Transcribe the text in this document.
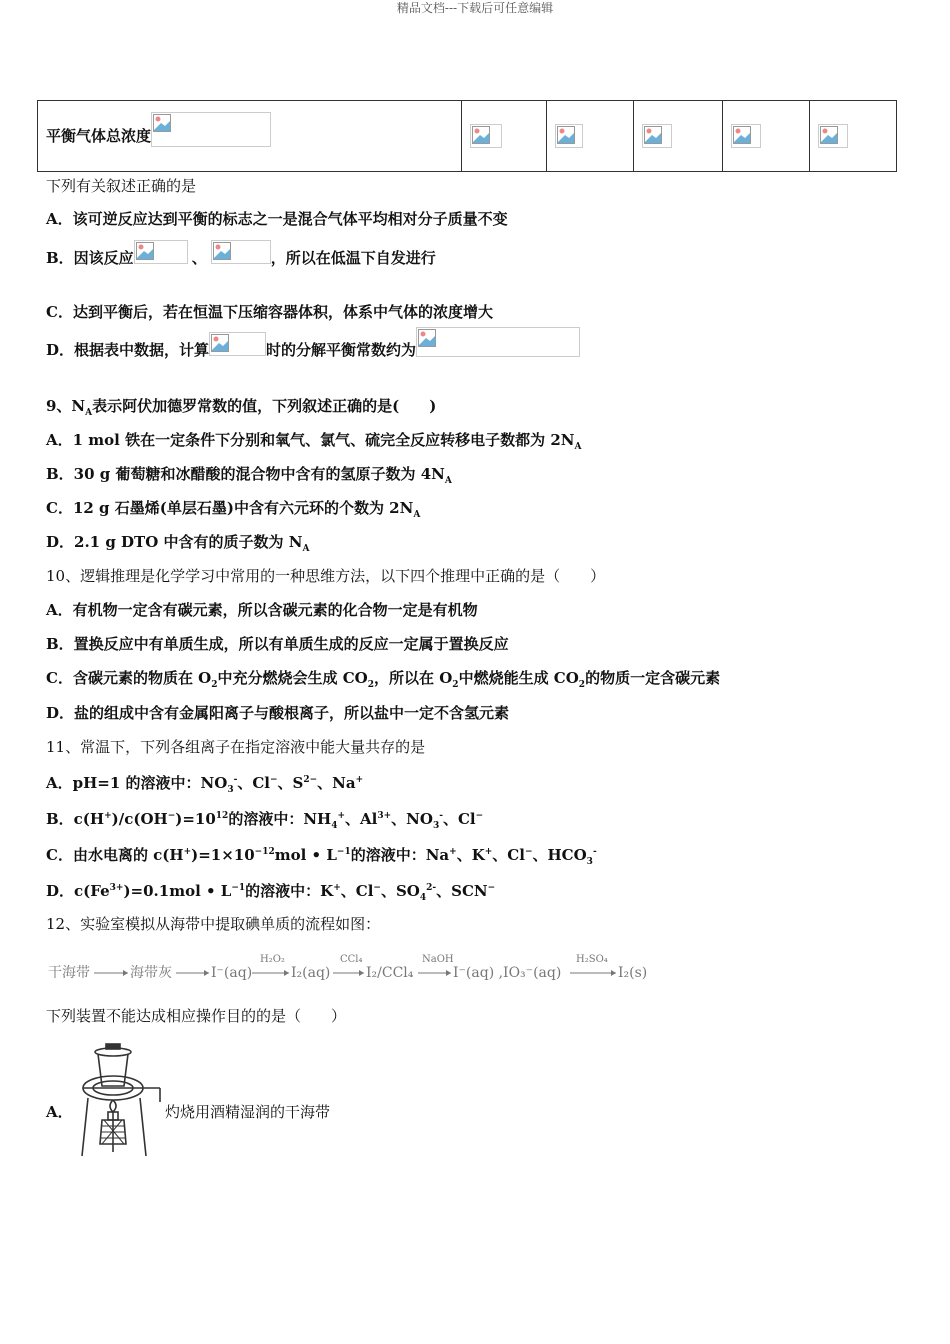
精品文档---下载后可任意编辑
平衡气体总浓度

下列有关叙述正确的是
A．该可逆反应达到平衡的标志之一是混合气体平均相对分子质量不变
B．因该反应	、	，所以在低温下自发进行
C．达到平衡后，若在恒温下压缩容器体积，体系中气体的浓度增大
D．根据表中数据，计算	时的分解平衡常数约为
9、$N_A$表示阿伏加德罗常数的值，下列叙述正确的是(　　)
A．1 mol 铁在一定条件下分别和氧气、氯气、硫完全反应转移电子数都为 $2N_A$
B．30 g 葡萄糖和冰醋酸的混合物中含有的氢原子数为 $4N_A$
C．12 g 石墨烯(单层石墨)中含有六元环的个数为 $2N_A$
D．2.1 g DTO 中含有的质子数为 $N_A$
10、逻辑推理是化学学习中常用的一种思维方法，以下四个推理中正确的是（　　）
A．有机物一定含有碳元素，所以含碳元素的化合物一定是有机物
B．置换反应中有单质生成，所以有单质生成的反应一定属于置换反应
C．含碳元素的物质在 $O_2$中充分燃烧会生成 $CO_2$，所以在 $O_2$中燃烧能生成 $CO_2$的物质一定含碳元素
D．盐的组成中含有金属阳离子与酸根离子，所以盐中一定不含氢元素
11、常温下，下列各组离子在指定溶液中能大量共存的是
A．pH=1 的溶液中：$NO_3^-$、Cl−、$S^{2-}$、Na+
B．$c(H^+)/c(OH^-)=10^{12}$的溶液中：$NH_4^+$、$Al^{3+}$、$NO_3^-$、Cl−
C．由水电离的 $c(H^+)=1\times 10^{-12}mol$ • $L^{-1}$的溶液中：Na+、K+、Cl−、$HCO_3^-$
D．$c(Fe^{3+})=0.1mol$ • $L^{-1}$的溶液中：K+、Cl−、$SO_4^{2-}$、SCN−
12、实验室模拟从海带中提取碘单质的流程如图：
干海带	海带灰	I⁻(aq)
H₂O₂
I₂(aq)
CCl₄
I₂/CCl₄
NaOH
I⁻(aq) ,IO₃⁻(aq)
H₂SO₄
I₂(s)
下列装置不能达成相应操作目的的是（　　）
A．	灼烧用酒精湿润的干海带
